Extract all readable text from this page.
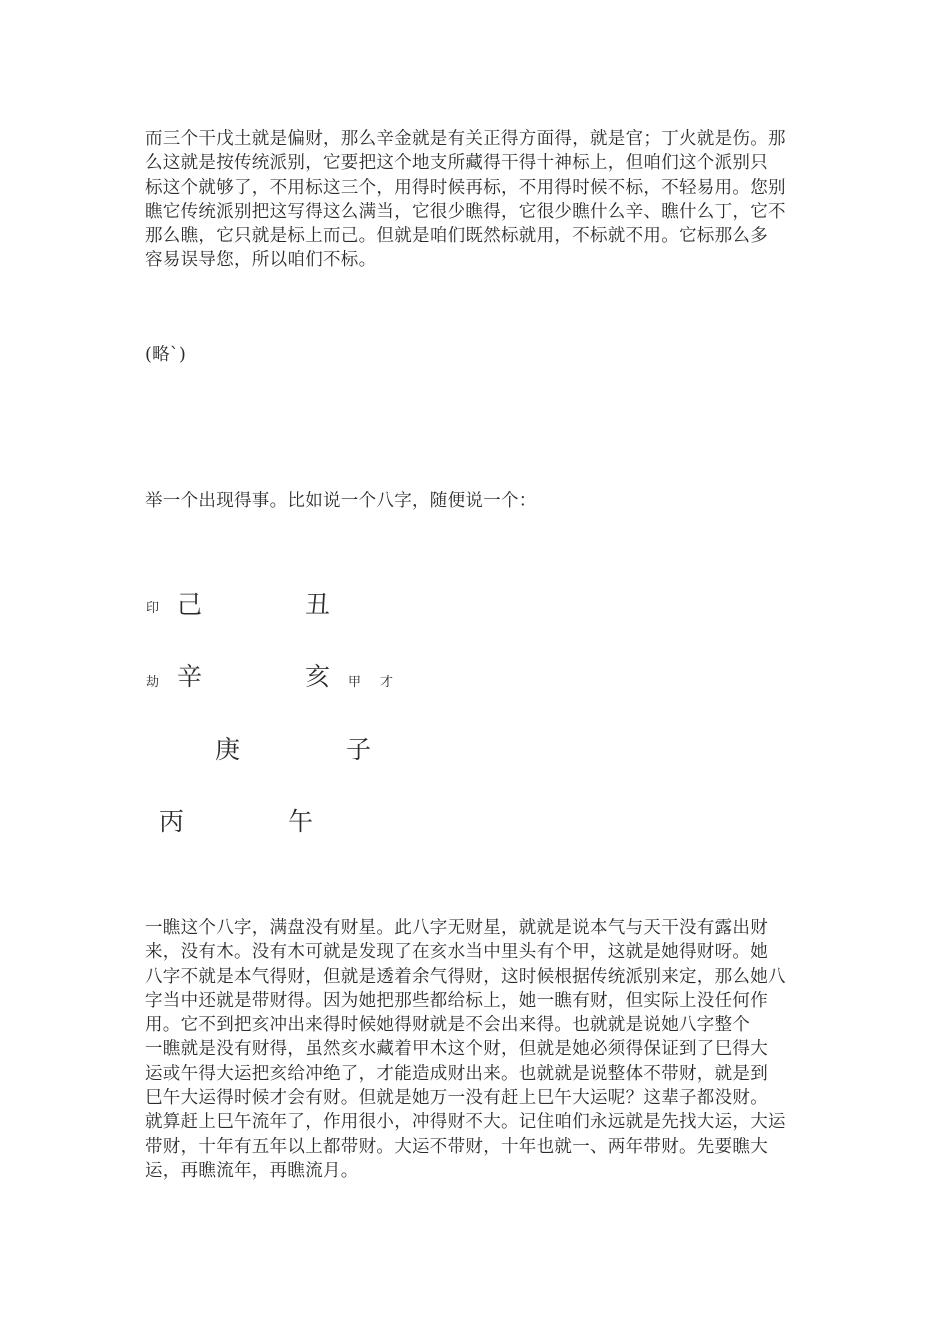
而三个干戊土就是偏财，那么辛金就是有关正得方面得，就是官；丁火就是伤。那
么这就是按传统派别，它要把这个地支所藏得干得十神标上，但咱们这个派别只
标这个就够了，不用标这三个，用得时候再标，不用得时候不标，不轻易用。您别
瞧它传统派别把这写得这么满当，它很少瞧得，它很少瞧什么辛、瞧什么丁，它不
那么瞧，它只就是标上而己。但就是咱们既然标就用，不标就不用。它标那么多
容易误导您，所以咱们不标。

(略`)

举一个出现得事。比如说一个八字，随便说一个：

印 己	丑
劫 辛	亥 甲 才
庚	子
丙	午

一瞧这个八字，满盘没有财星。此八字无财星，就就是说本气与天干没有露出财
来，没有木。没有木可就是发现了在亥水当中里头有个甲，这就是她得财呀。她
八字不就是本气得财，但就是透着余气得财，这时候根据传统派别来定，那么她八
字当中还就是带财得。因为她把那些都给标上，她一瞧有财，但实际上没任何作
用。它不到把亥冲出来得时候她得财就是不会出来得。也就就是说她八字整个
一瞧就是没有财得，虽然亥水藏着甲木这个财，但就是她必须得保证到了巳得大
运或午得大运把亥给冲绝了，才能造成财出来。也就就是说整体不带财，就是到
巳午大运得时候才会有财。但就是她万一没有赶上巳午大运呢？这辈子都没财。
就算赶上巳午流年了，作用很小，冲得财不大。记住咱们永远就是先找大运，大运
带财，十年有五年以上都带财。大运不带财，十年也就一、两年带财。先要瞧大
运，再瞧流年，再瞧流月。
